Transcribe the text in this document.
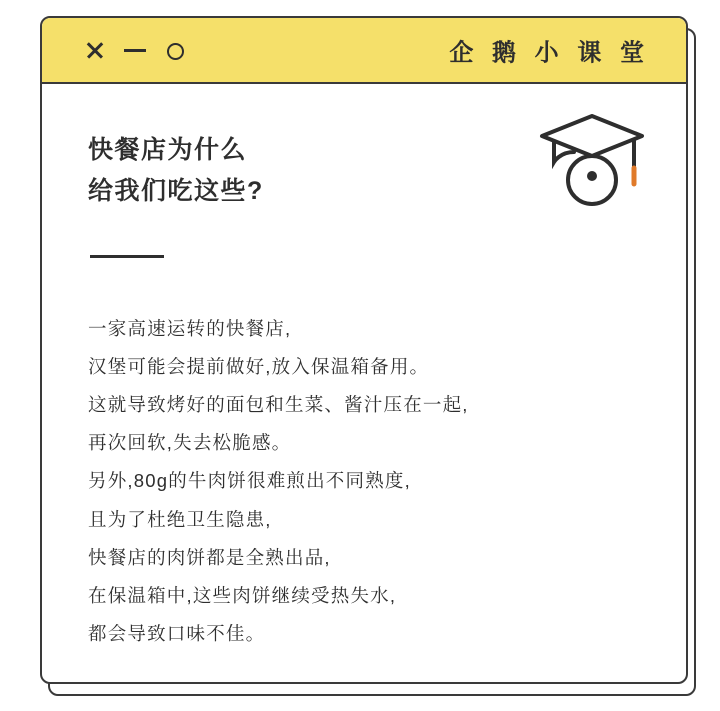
企 鹅 小 课 堂
快餐店为什么
给我们吃这些?
一家高速运转的快餐店,
汉堡可能会提前做好,放入保温箱备用。
这就导致烤好的面包和生菜、酱汁压在一起,
再次回软,失去松脆感。
另外,80g的牛肉饼很难煎出不同熟度,
且为了杜绝卫生隐患,
快餐店的肉饼都是全熟出品,
在保温箱中,这些肉饼继续受热失水,
都会导致口味不佳。
